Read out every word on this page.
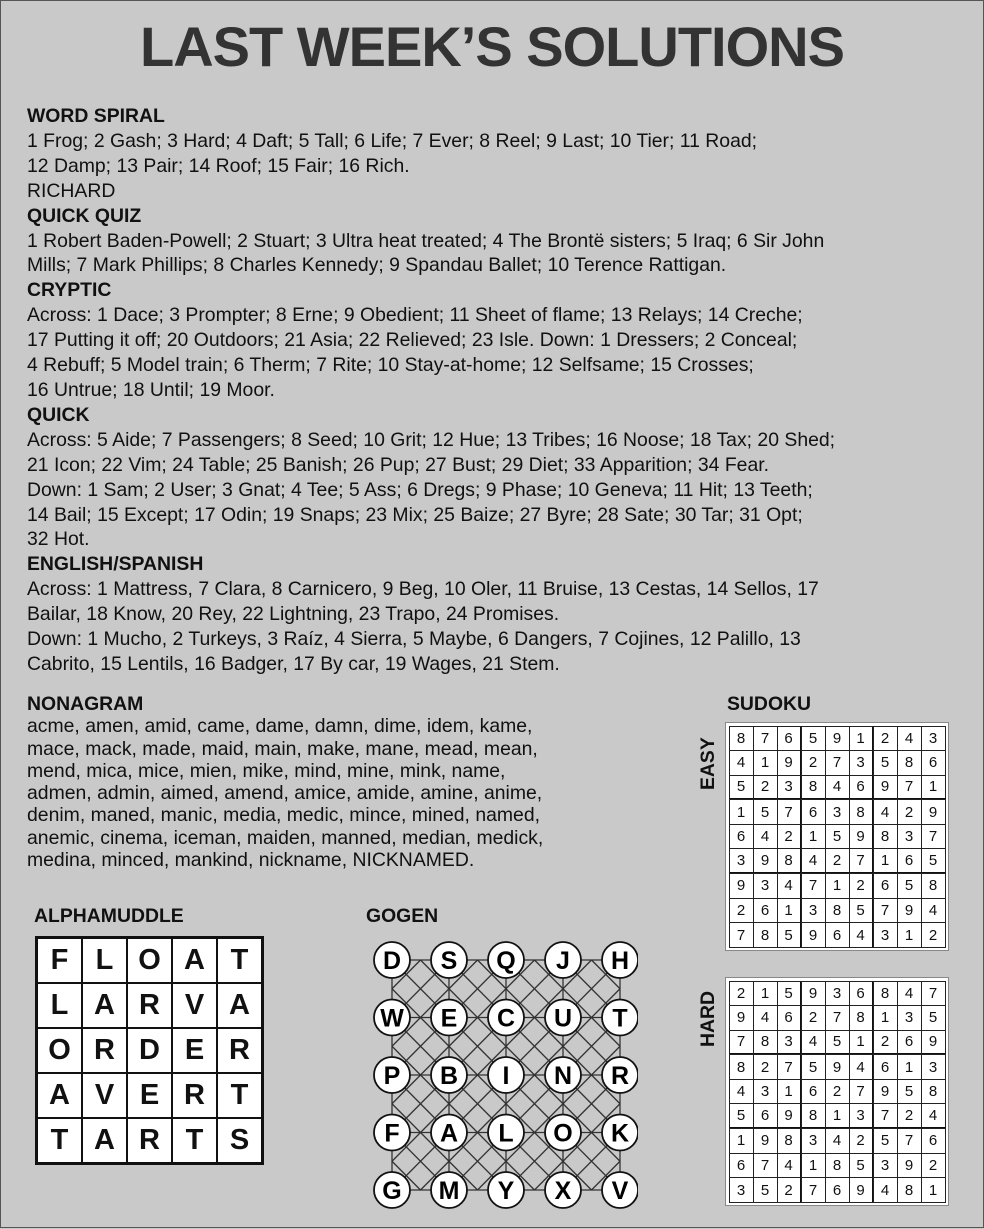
LAST WEEK’S SOLUTIONS
WORD SPIRAL
1 Frog; 2 Gash; 3 Hard; 4 Daft; 5 Tall; 6 Life; 7 Ever; 8 Reel; 9 Last; 10 Tier; 11 Road;
12 Damp; 13 Pair; 14 Roof; 15 Fair; 16 Rich.
RICHARD
QUICK QUIZ
1 Robert Baden-Powell; 2 Stuart; 3 Ultra heat treated; 4 The Brontë sisters; 5 Iraq; 6 Sir John
Mills; 7 Mark Phillips; 8 Charles Kennedy; 9 Spandau Ballet; 10 Terence Rattigan.
CRYPTIC
Across: 1 Dace; 3 Prompter; 8 Erne; 9 Obedient; 11 Sheet of flame; 13 Relays; 14 Creche;
17 Putting it off; 20 Outdoors; 21 Asia; 22 Relieved; 23 Isle. Down: 1 Dressers; 2 Conceal;
4 Rebuff; 5 Model train; 6 Therm; 7 Rite; 10 Stay-at-home; 12 Selfsame; 15 Crosses;
16 Untrue; 18 Until; 19 Moor.
QUICK
Across: 5 Aide; 7 Passengers; 8 Seed; 10 Grit; 12 Hue; 13 Tribes; 16 Noose; 18 Tax; 20 Shed;
21 Icon; 22 Vim; 24 Table; 25 Banish; 26 Pup; 27 Bust; 29 Diet; 33 Apparition; 34 Fear.
Down: 1 Sam; 2 User; 3 Gnat; 4 Tee; 5 Ass; 6 Dregs; 9 Phase; 10 Geneva; 11 Hit; 13 Teeth;
14 Bail; 15 Except; 17 Odin; 19 Snaps; 23 Mix; 25 Baize; 27 Byre; 28 Sate; 30 Tar; 31 Opt;
32 Hot.
ENGLISH/SPANISH
Across: 1 Mattress, 7 Clara, 8 Carnicero, 9 Beg, 10 Oler, 11 Bruise, 13 Cestas, 14 Sellos, 17
Bailar, 18 Know, 20 Rey, 22 Lightning, 23 Trapo, 24 Promises.
Down: 1 Mucho, 2 Turkeys, 3 Raíz, 4 Sierra, 5 Maybe, 6 Dangers, 7 Cojines, 12 Palillo, 13
Cabrito, 15 Lentils, 16 Badger, 17 By car, 19 Wages, 21 Stem.
NONAGRAM
acme, amen, amid, came, dame, damn, dime, idem, kame,
mace, mack, made, maid, main, make, mane, mead, mean,
mend, mica, mice, mien, mike, mind, mine, mink, name,
admen, admin, aimed, amend, amice, amide, amine, anime,
denim, maned, manic, media, medic, mince, mined, named,
anemic, cinema, iceman, maiden, manned, median, medick,
medina, minced, mankind, nickname, NICKNAMED.
SUDOKU
EASY
HARD
8	7	6	5	9	1	2	4	3
4	1	9	2	7	3	5	8	6
5	2	3	8	4	6	9	7	1
1	5	7	6	3	8	4	2	9
6	4	2	1	5	9	8	3	7
3	9	8	4	2	7	1	6	5
9	3	4	7	1	2	6	5	8
2	6	1	3	8	5	7	9	4
7	8	5	9	6	4	3	1	2
2	1	5	9	3	6	8	4	7
9	4	6	2	7	8	1	3	5
7	8	3	4	5	1	2	6	9
8	2	7	5	9	4	6	1	3
4	3	1	6	2	7	9	5	8
5	6	9	8	1	3	7	2	4
1	9	8	3	4	2	5	7	6
6	7	4	1	8	5	3	9	2
3	5	2	7	6	9	4	8	1
ALPHAMUDDLE
F L O A T
L A R V A
O R D E R
A V E R T
T A R T S
GOGEN
D S Q J H
W E C U T
P B I N R
F A L O K
G M Y X V
